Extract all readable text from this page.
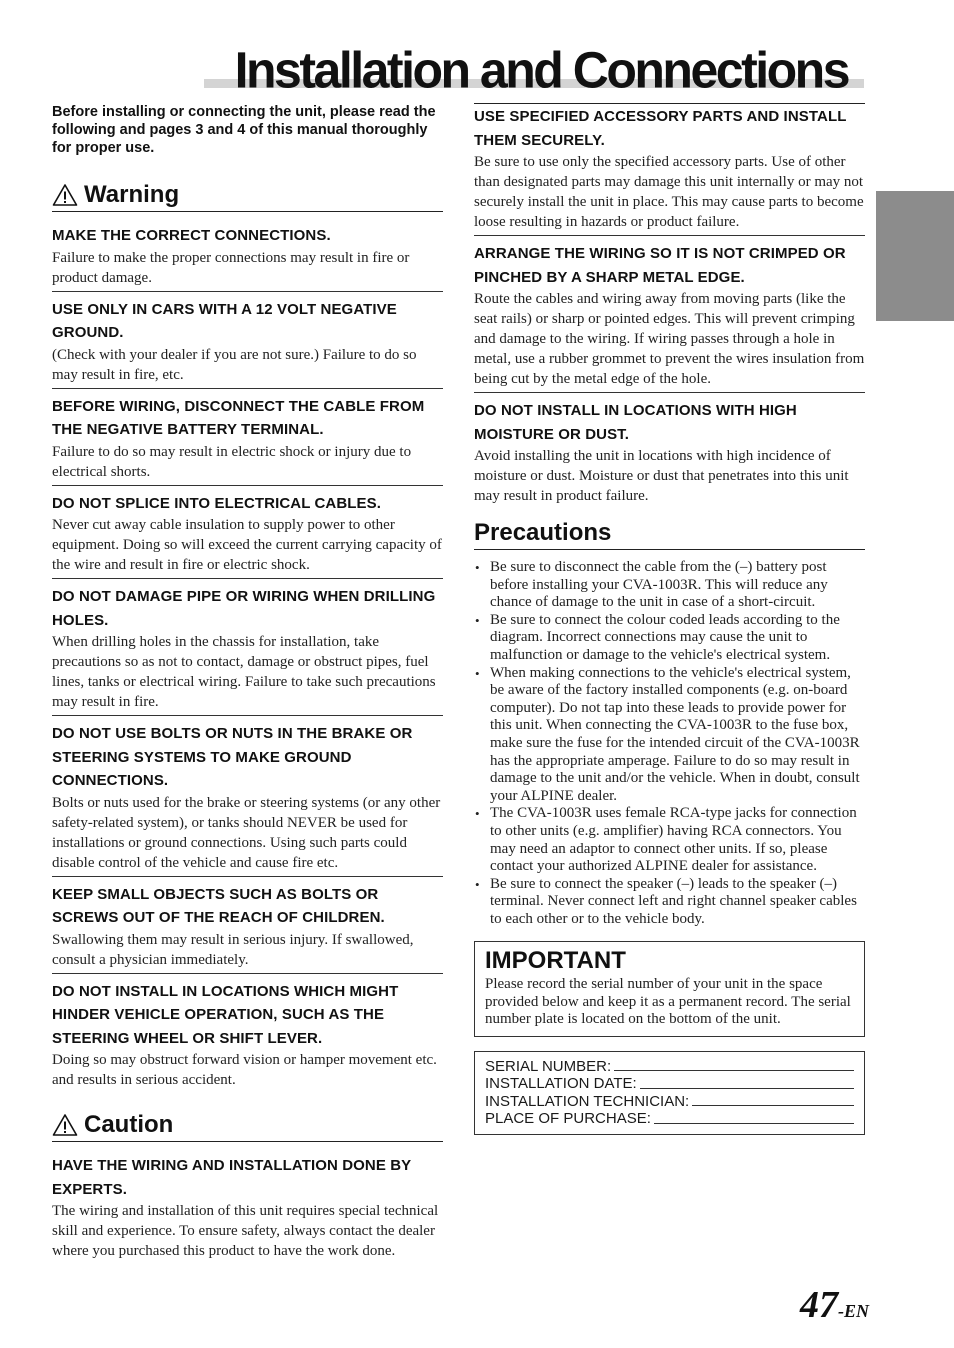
Installation and Connections

Before installing or connecting the unit, please read the following and pages 3 and 4 of this manual thoroughly for proper use.

Warning
MAKE THE CORRECT CONNECTIONS.
Failure to make the proper connections may result in fire or product damage.
USE ONLY IN CARS WITH A 12 VOLT NEGATIVE GROUND.
(Check with your dealer if you are not sure.) Failure to do so may result in fire, etc.
BEFORE WIRING, DISCONNECT THE CABLE FROM THE NEGATIVE BATTERY TERMINAL.
Failure to do so may result in electric shock or injury due to electrical shorts.
DO NOT SPLICE INTO ELECTRICAL CABLES.
Never cut away cable insulation to supply power to other equipment. Doing so will exceed the current carrying capacity of the wire and result in fire or electric shock.
DO NOT DAMAGE PIPE OR WIRING WHEN DRILLING HOLES.
When drilling holes in the chassis for installation, take precautions so as not to contact, damage or obstruct pipes, fuel lines, tanks or electrical wiring. Failure to take such precautions may result in fire.
DO NOT USE BOLTS OR NUTS IN THE BRAKE OR STEERING SYSTEMS TO MAKE GROUND CONNECTIONS.
Bolts or nuts used for the brake or steering systems (or any other safety-related system), or tanks should NEVER be used for installations or ground connections. Using such parts could disable control of the vehicle and cause fire etc.
KEEP SMALL OBJECTS SUCH AS BOLTS OR SCREWS OUT OF THE REACH OF CHILDREN.
Swallowing them may result in serious injury. If swallowed, consult a physician immediately.
DO NOT INSTALL IN LOCATIONS WHICH MIGHT HINDER VEHICLE OPERATION, SUCH AS THE STEERING WHEEL OR SHIFT LEVER.
Doing so may obstruct forward vision or hamper movement etc. and results in serious accident.
Caution
HAVE THE WIRING AND INSTALLATION DONE BY EXPERTS.
The wiring and installation of this unit requires special technical skill and experience. To ensure safety, always contact the dealer where you purchased this product to have the work done.
USE SPECIFIED ACCESSORY PARTS AND INSTALL THEM SECURELY.
Be sure to use only the specified accessory parts. Use of other than designated parts may damage this unit internally or may not securely install the unit in place. This may cause parts to become loose resulting in hazards or product failure.
ARRANGE THE WIRING SO IT IS NOT CRIMPED OR PINCHED BY A SHARP METAL EDGE.
Route the cables and wiring away from moving parts (like the seat rails) or sharp or pointed edges. This will prevent crimping and damage to the wiring. If wiring passes through a hole in metal, use a rubber grommet to prevent the wires insulation from being cut by the metal edge of the hole.
DO NOT INSTALL IN LOCATIONS WITH HIGH MOISTURE OR DUST.
Avoid installing the unit in locations with high incidence of moisture or dust. Moisture or dust that penetrates into this unit may result in product failure.
Precautions
• Be sure to disconnect the cable from the (–) battery post before installing your CVA-1003R. This will reduce any chance of damage to the unit in case of a short-circuit.
• Be sure to connect the colour coded leads according to the diagram. Incorrect connections may cause the unit to malfunction or damage to the vehicle's electrical system.
• When making connections to the vehicle's electrical system, be aware of the factory installed components (e.g. on-board computer). Do not tap into these leads to provide power for this unit. When connecting the CVA-1003R to the fuse box, make sure the fuse for the intended circuit of the CVA-1003R has the appropriate amperage. Failure to do so may result in damage to the unit and/or the vehicle. When in doubt, consult your ALPINE dealer.
• The CVA-1003R uses female RCA-type jacks for connection to other units (e.g. amplifier) having RCA connectors. You may need an adaptor to connect other units. If so, please contact your authorized ALPINE dealer for assistance.
• Be sure to connect the speaker (–) leads to the speaker (–) terminal. Never connect left and right channel speaker cables to each other or to the vehicle body.
IMPORTANT
Please record the serial number of your unit in the space provided below and keep it as a permanent record. The serial number plate is located on the bottom of the unit.
SERIAL NUMBER:
INSTALLATION DATE:
INSTALLATION TECHNICIAN:
PLACE OF PURCHASE:
47-EN
